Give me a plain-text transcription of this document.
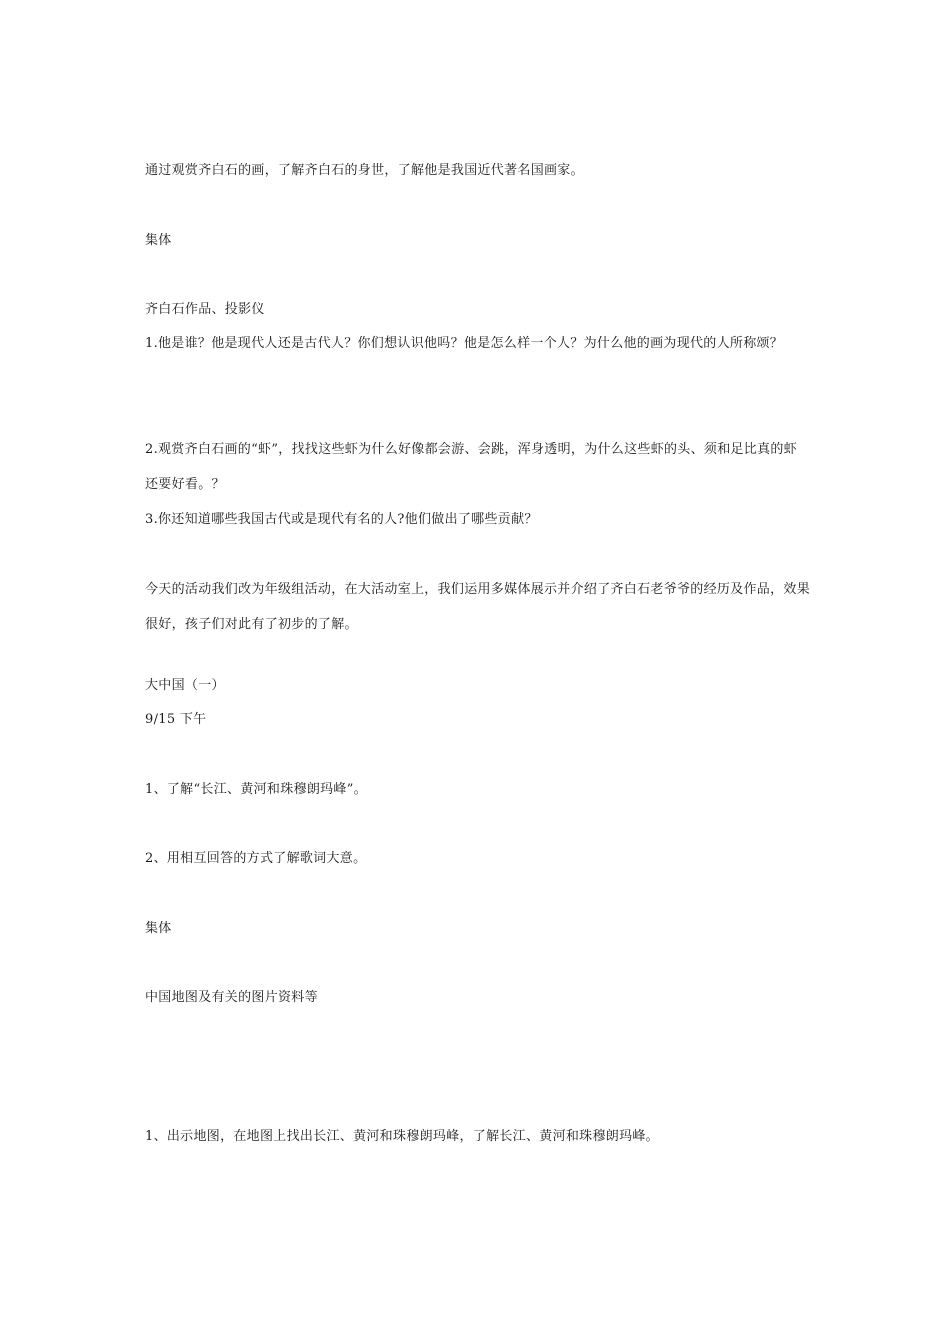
通过观赏齐白石的画，了解齐白石的身世，了解他是我国近代著名国画家。
集体
齐白石作品、投影仪
1.他是谁？他是现代人还是古代人？你们想认识他吗？他是怎么样一个人？为什么他的画为现代的人所称颂？
2.观赏齐白石画的“虾”，找找这些虾为什么好像都会游、会跳，浑身透明，为什么这些虾的头、须和足比真的虾还要好看。？
3.你还知道哪些我国古代或是现代有名的人?他们做出了哪些贡献？
今天的活动我们改为年级组活动，在大活动室上，我们运用多媒体展示并介绍了齐白石老爷爷的经历及作品，效果很好，孩子们对此有了初步的了解。
大中国（一）
9/15 下午
1、了解“长江、黄河和珠穆朗玛峰”。
2、用相互回答的方式了解歌词大意。
集体
中国地图及有关的图片资料等
1、出示地图，在地图上找出长江、黄河和珠穆朗玛峰，了解长江、黄河和珠穆朗玛峰。
